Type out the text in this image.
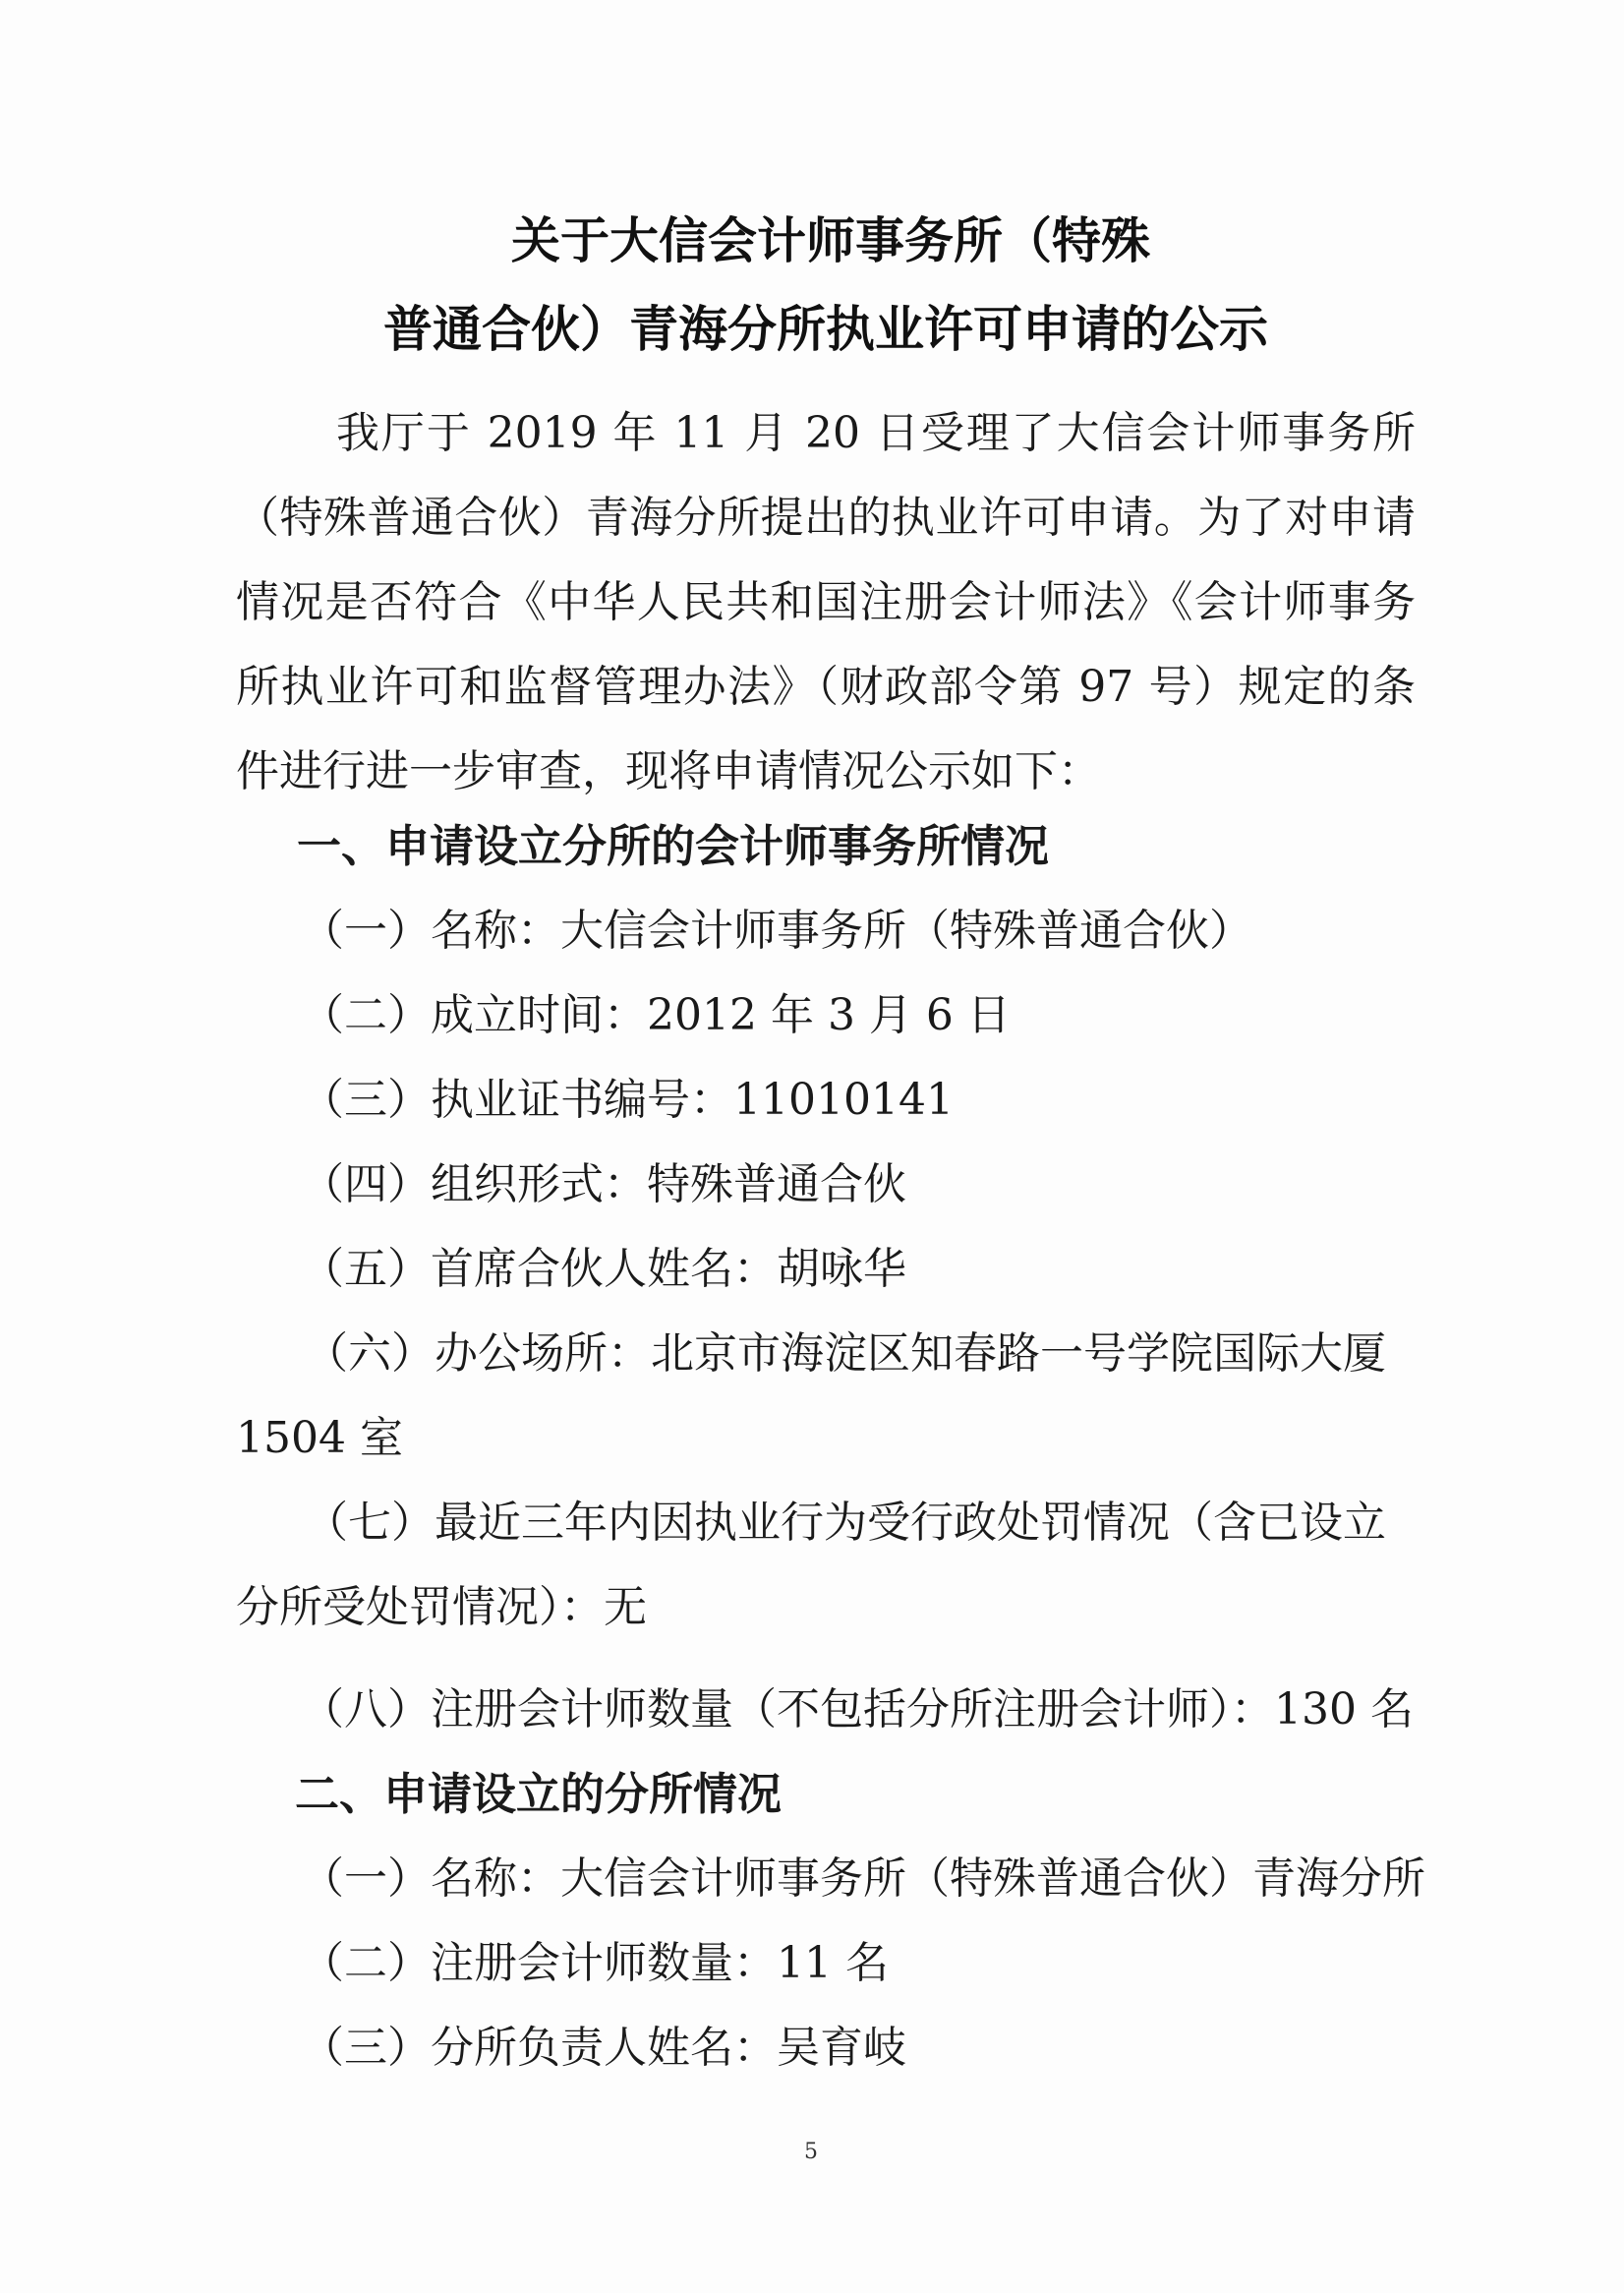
关于大信会计师事务所（特殊
普通合伙）青海分所执业许可申请的公示

我厅于 2019 年 11 月 20 日受理了大信会计师事务所（特殊普通合伙）青海分所提出的执业许可申请。为了对申请情况是否符合《中华人民共和国注册会计师法》《会计师事务所执业许可和监督管理办法》（财政部令第 97 号）规定的条件进行进一步审查，现将申请情况公示如下：

一、申请设立分所的会计师事务所情况
（一）名称：大信会计师事务所（特殊普通合伙）
（二）成立时间：2012 年 3 月 6 日
（三）执业证书编号：11010141
（四）组织形式：特殊普通合伙
（五）首席合伙人姓名：胡咏华

（六）办公场所：北京市海淀区知春路一号学院国际大厦 1504 室

（七）最近三年内因执业行为受行政处罚情况（含已设立分所受处罚情况）：无

（八）注册会计师数量（不包括分所注册会计师）：130 名
二、申请设立的分所情况
（一）名称：大信会计师事务所（特殊普通合伙）青海分所
（二）注册会计师数量：11 名
（三）分所负责人姓名：吴育岐
5
